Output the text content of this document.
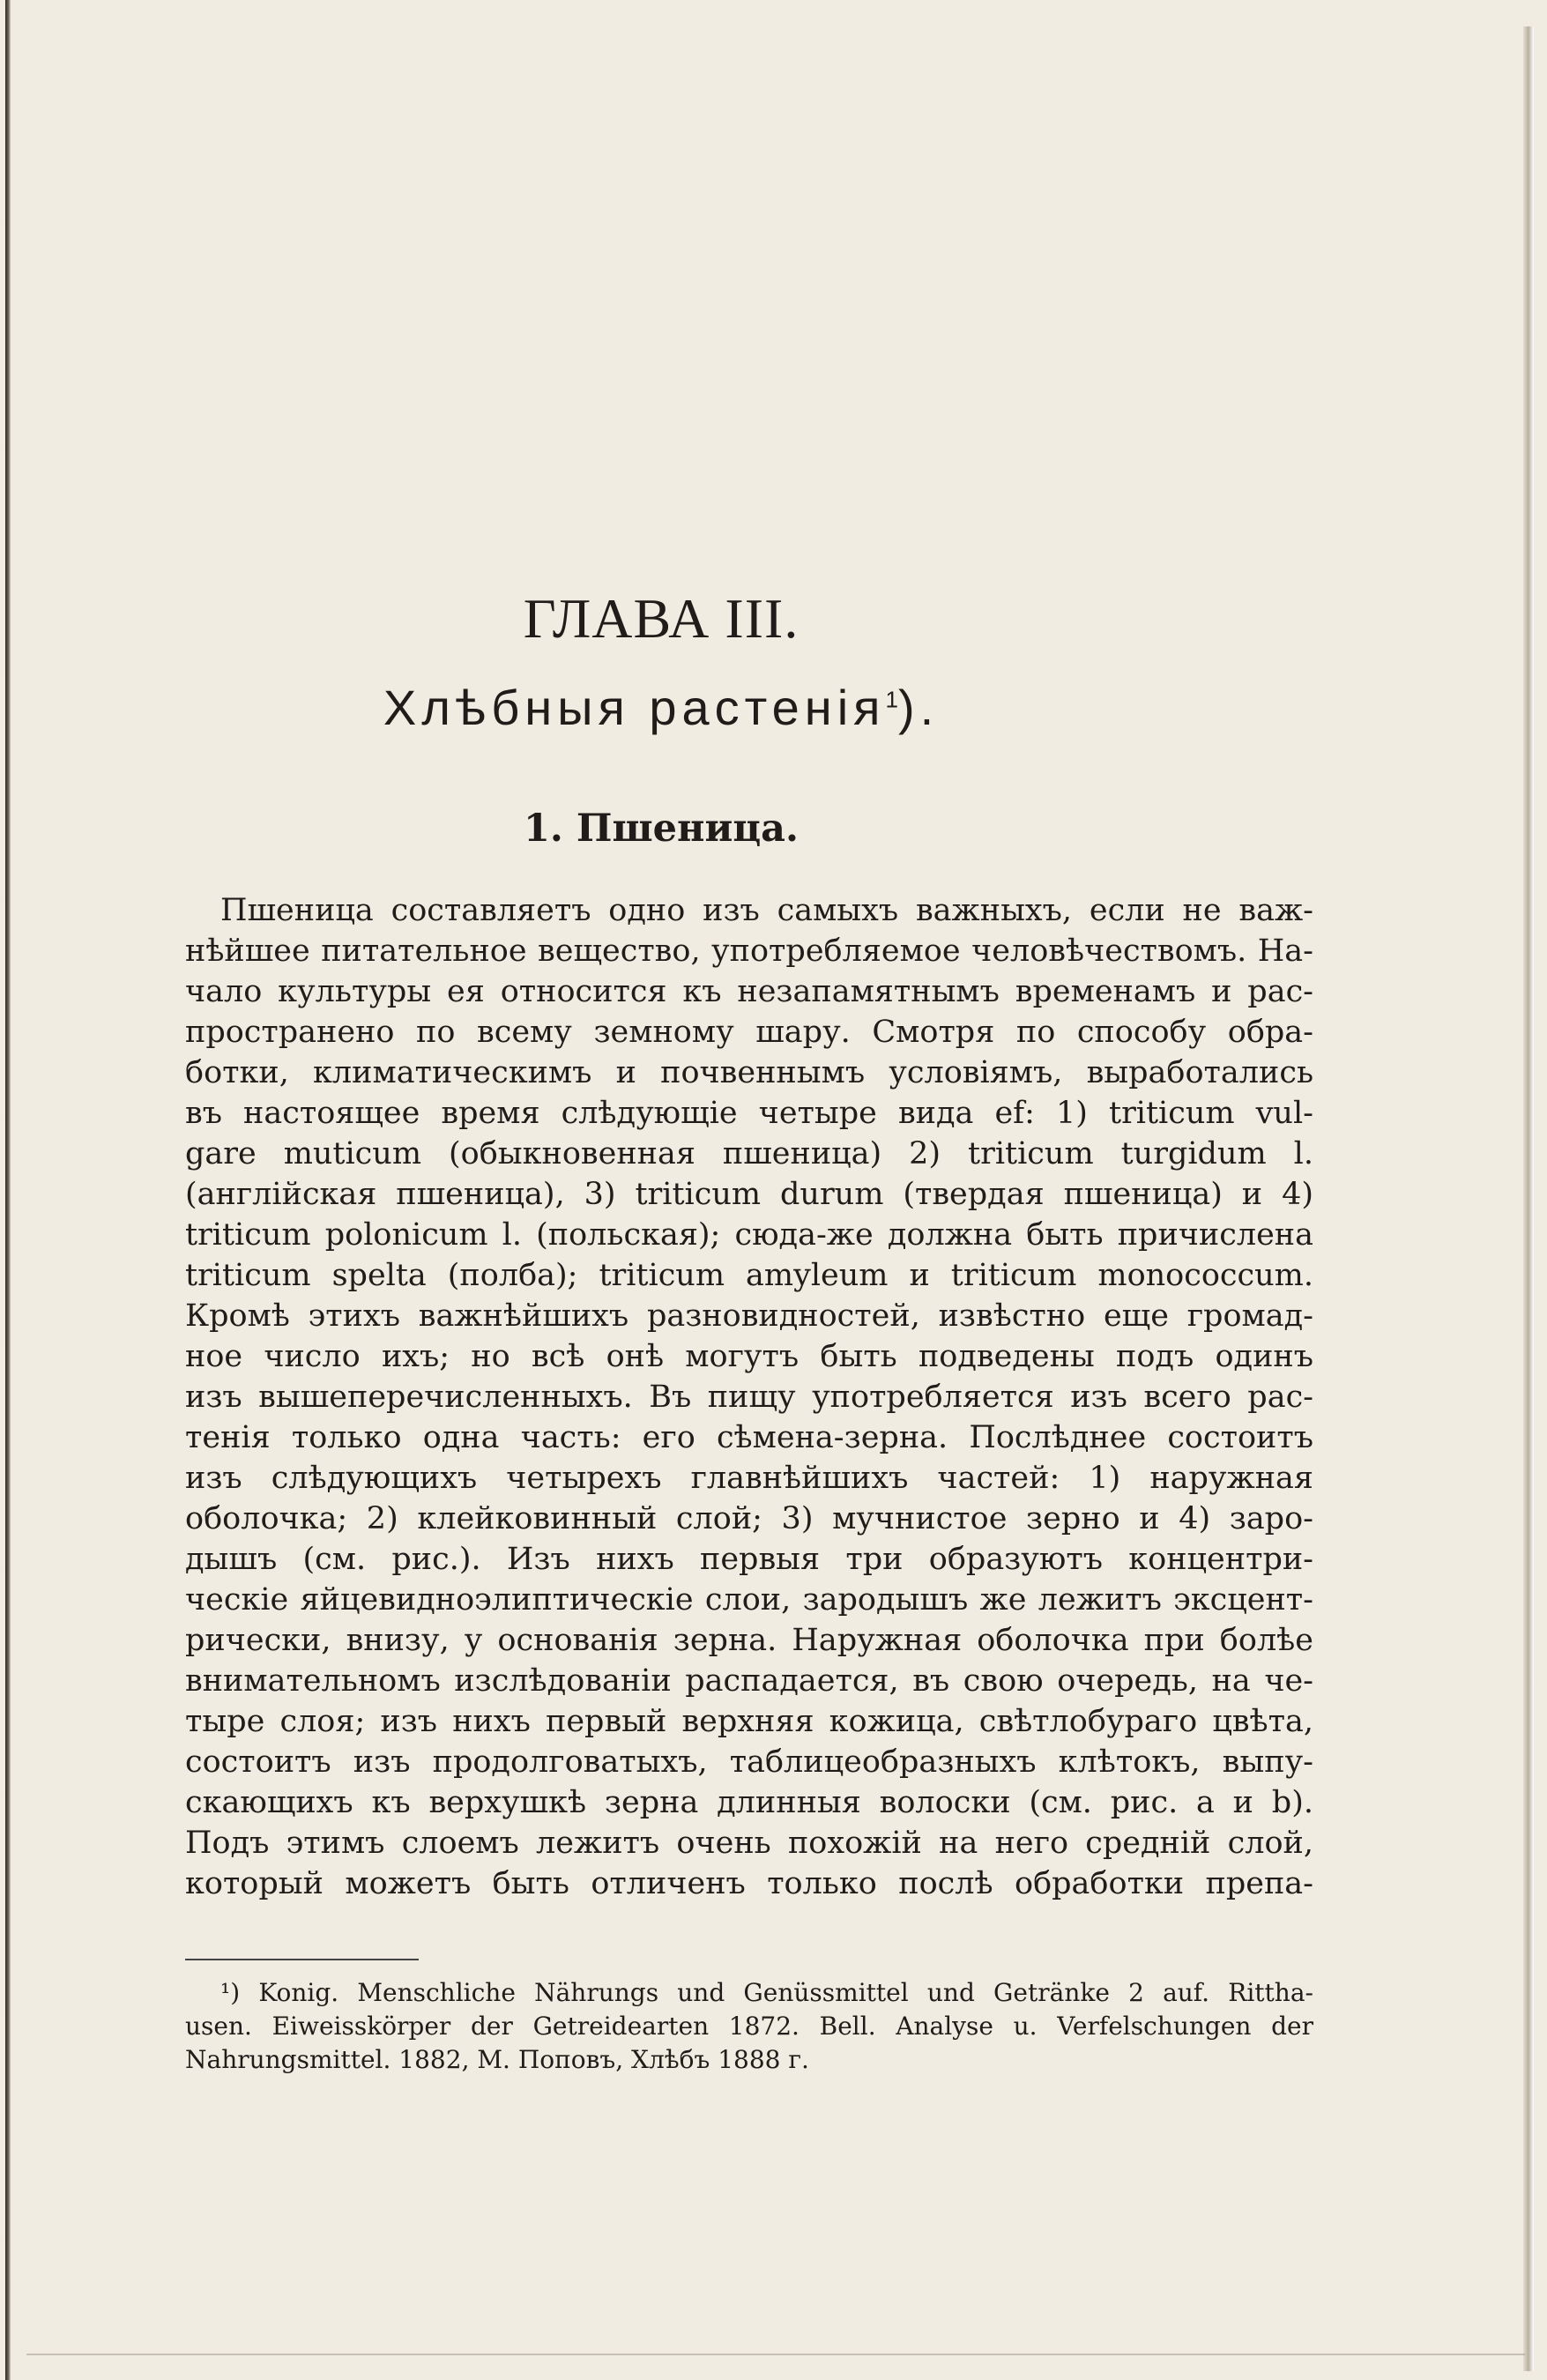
ГЛАВА III.
Хлѣбныя растенія$^1$).
1. Пшеница.
Пшеница составляетъ одно изъ самыхъ важныхъ, если не важ-
нѣйшее питательное вещество, употребляемое человѣчествомъ. На-
чало культуры ея относится къ незапамятнымъ временамъ и рас-
пространено по всему земному шару. Смотря по способу обра-
ботки, климатическимъ и почвеннымъ условіямъ, выработались
въ настоящее время слѣдующіе четыре вида ef: 1) triticum vul-
gare muticum (обыкновенная пшеница) 2) triticum turgidum l.
(англійская пшеница), 3) triticum durum (твердая пшеница) и 4)
triticum polonicum l. (польская); сюда-же должна быть причислена
triticum spelta (полба); triticum amyleum и triticum monococcum.
Кромѣ этихъ важнѣйшихъ разновидностей, извѣстно еще громад-
ное число ихъ; но всѣ онѣ могутъ быть подведены подъ одинъ
изъ вышеперечисленныхъ. Въ пищу употребляется изъ всего рас-
тенія только одна часть: его сѣмена-зерна. Послѣднее состоитъ
изъ слѣдующихъ четырехъ главнѣйшихъ частей: 1) наружная
оболочка; 2) клейковинный слой; 3) мучнистое зерно и 4) заро-
дышъ (см. рис.). Изъ нихъ первыя три образуютъ концентри-
ческіе яйцевидноэлиптическіе слои, зародышъ же лежитъ эксцент-
рически, внизу, у основанія зерна. Наружная оболочка при болѣе
внимательномъ изслѣдованіи распадается, въ свою очередь, на че-
тыре слоя; изъ нихъ первый верхняя кожица, свѣтлобураго цвѣта,
состоитъ изъ продолговатыхъ, таблицеобразныхъ клѣтокъ, выпу-
скающихъ къ верхушкѣ зерна длинныя волоски (см. рис. a и b).
Подъ этимъ слоемъ лежитъ очень похожій на него средній слой,
который можетъ быть отличенъ только послѣ обработки препа-
¹) Konig. Menschliche Nährungs und Genüssmittel und Getränke 2 auf. Rittha-
usen. Eiweisskörper der Getreidearten 1872. Bell. Analyse u. Verfelschungen der
Nahrungsmittel. 1882, М. Поповъ, Хлѣбъ 1888 г.
